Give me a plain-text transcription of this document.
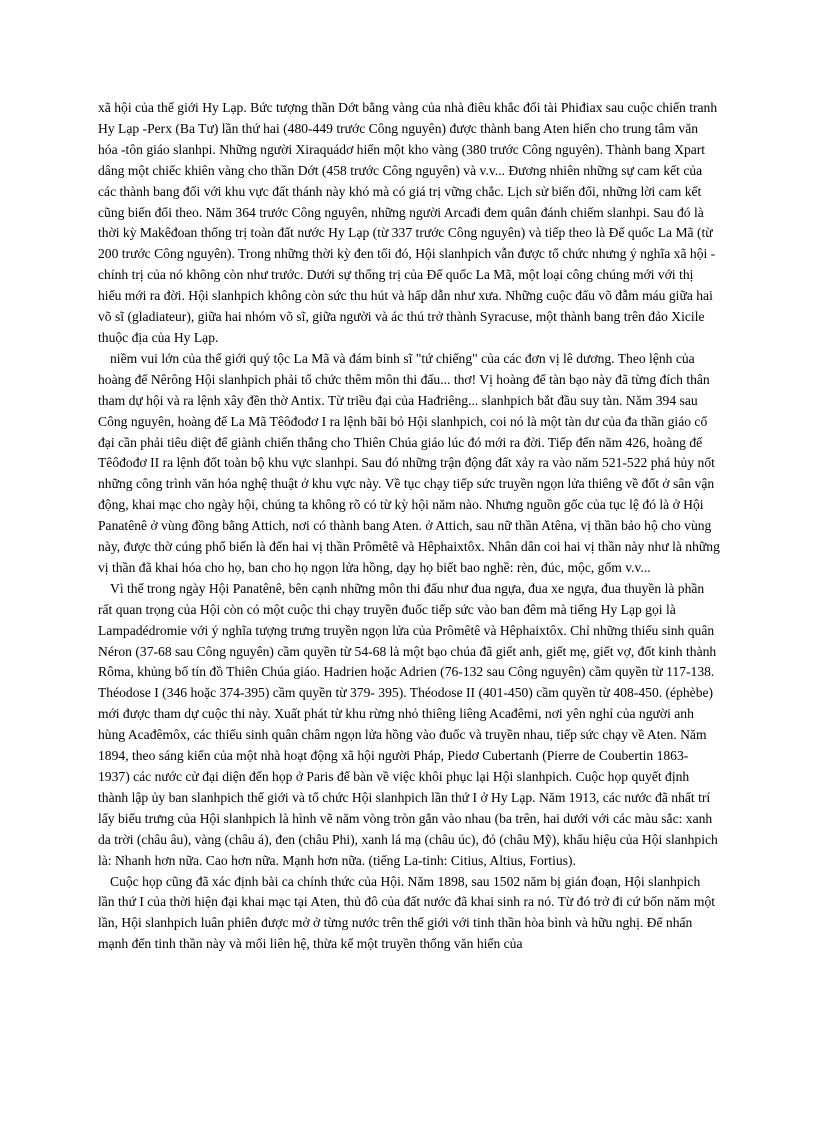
xã hội của thế giới Hy Lạp. Bức tượng thần Dớt bằng vàng của nhà điêu khắc đối tài Phiđiax sau cuộc chiến tranh Hy Lạp -Perx (Ba Tư) lần thứ hai (480-449 trước Công nguyên) được thành bang Aten hiến cho trung tâm văn hóa -tôn giáo slanhpi. Những người Xiraquádơ hiến một kho vàng (380 trước Công nguyên). Thành bang Xpart dâng một chiếc khiên vàng cho thần Dớt (458 trước Công nguyên) và v.v... Đương nhiên những sự cam kết của các thành bang đối với khu vực đất thánh này khó mà có giá trị vững chắc. Lịch sử biến đổi, những lời cam kết cũng biến đổi theo. Năm 364 trước Công nguyên, những người Arcađi đem quân đánh chiếm slanhpi. Sau đó là thời kỳ Makêđoan thống trị toàn đất nước Hy Lạp (từ 337 trước Công nguyên) và tiếp theo là Đế quốc La Mã (từ 200 trước Công nguyên). Trong những thời kỳ đen tối đó, Hội slanhpich vẫn được tổ chức nhưng ý nghĩa xã hội -chính trị của nó không còn như trước. Dưới sự thống trị của Đế quốc La Mã, một loại công chúng mới với thị hiếu mới ra đời. Hội slanhpich không còn sức thu hút và hấp dẫn như xưa. Những cuộc đấu võ đẫm máu giữa hai võ sĩ (gladiateur), giữa hai nhóm võ sĩ, giữa người và ác thú trở thành Syracuse, một thành bang trên đảo Xicile thuộc địa của Hy Lạp.

niềm vui lớn của thế giới quý tộc La Mã và đám binh sĩ "tứ chiếng" của các đơn vị lê dương. Theo lệnh của hoàng đế Nêrông Hội slanhpich phải tổ chức thêm môn thi đấu... thơ! Vị hoàng đế tàn bạo này đã từng đích thân tham dự hội và ra lệnh xây đền thờ Antix. Từ triều đại của Hađriêng... slanhpich bắt đầu suy tàn. Năm 394 sau Công nguyên, hoàng đế La Mã Têôđođơ I ra lệnh bãi bỏ Hội slanhpich, coi nó là một tàn dư của đa thần giáo cổ đại cần phải tiêu diệt để giành chiến thắng cho Thiên Chúa giáo lúc đó mới ra đời. Tiếp đến năm 426, hoàng đế Têôđođơ II ra lệnh đốt toàn bộ khu vực slanhpi. Sau đó những trận động đất xảy ra vào năm 521-522 phá hủy nốt những công trình văn hóa nghệ thuật ở khu vực này. Về tục chạy tiếp sức truyền ngọn lửa thiêng về đốt ở sân vận động, khai mạc cho ngày hội, chúng ta không rõ có từ kỳ hội năm nào. Nhưng nguồn gốc của tục lệ đó là ở Hội Panatênê ở vùng đồng bằng Attich, nơi có thành bang Aten. ở Attich, sau nữ thần Atêna, vị thần bảo hộ cho vùng này, được thờ cúng phổ biến là đến hai vị thần Prômêtê và Hêphaixtôx. Nhân dân coi hai vị thần này như là những vị thần đã khai hóa cho họ, ban cho họ ngọn lửa hồng, dạy họ biết bao nghề: rèn, đúc, mộc, gốm v.v...

Vì thế trong ngày Hội Panatênê, bên cạnh những môn thi đấu như đua ngựa, đua xe ngựa, đua thuyền là phần rất quan trọng của Hội còn có một cuộc thi chạy truyền đuốc tiếp sức vào ban đêm mà tiếng Hy Lạp gọi là Lampadédromie với ý nghĩa tượng trưng truyền ngọn lửa của Prômêtê và Hêphaixtôx. Chỉ những thiếu sinh quân Néron (37-68 sau Công nguyên) cầm quyền từ 54-68 là một bạo chúa đã giết anh, giết mẹ, giết vợ, đốt kinh thành Rôma, khủng bố tín đồ Thiên Chúa giáo. Hadrien hoặc Adrien (76-132 sau Công nguyên) cầm quyền từ 117-138. Théodose I (346 hoặc 374-395) cầm quyền từ 379- 395). Théodose II (401-450) cầm quyền từ 408-450. (éphèbe) mới được tham dự cuộc thi này. Xuất phát từ khu rừng nhỏ thiêng liêng Acađêmi, nơi yên nghỉ của người anh hùng Acađêmôx, các thiếu sinh quân châm ngọn lửa hồng vào đuốc và truyền nhau, tiếp sức chạy về Aten. Năm 1894, theo sáng kiến của một nhà hoạt động xã hội người Pháp, Piedơ Cubertanh (Pierre de Coubertin 1863-1937) các nước cử đại diện đến họp ở Paris để bàn về việc khôi phục lại Hội slanhpich. Cuộc họp quyết định thành lập ủy ban slanhpich thế giới và tổ chức Hội slanhpich lần thứ I ở Hy Lạp. Năm 1913, các nước đã nhất trí lấy biểu trưng của Hội slanhpich là hình vẽ năm vòng tròn gắn vào nhau (ba trên, hai dưới với các màu sắc: xanh da trời (châu âu), vàng (châu á), đen (châu Phi), xanh lá mạ (châu úc), đỏ (châu Mỹ), khẩu hiệu của Hội slanhpich là: Nhanh hơn nữa. Cao hơn nữa. Mạnh hơn nữa. (tiếng La-tinh: Citius, Altius, Fortius).

Cuộc họp cũng đã xác định bài ca chính thức của Hội. Năm 1898, sau 1502 năm bị gián đoạn, Hội slanhpich lần thứ I của thời hiện đại khai mạc tại Aten, thủ đô của đất nước đã khai sinh ra nó. Từ đó trở đi cứ bốn năm một lần, Hội slanhpich luân phiên được mở ở từng nước trên thế giới với tinh thần hòa bình và hữu nghị. Để nhấn mạnh đến tinh thần này và mối liên hệ, thừa kế một truyền thống văn hiến của
